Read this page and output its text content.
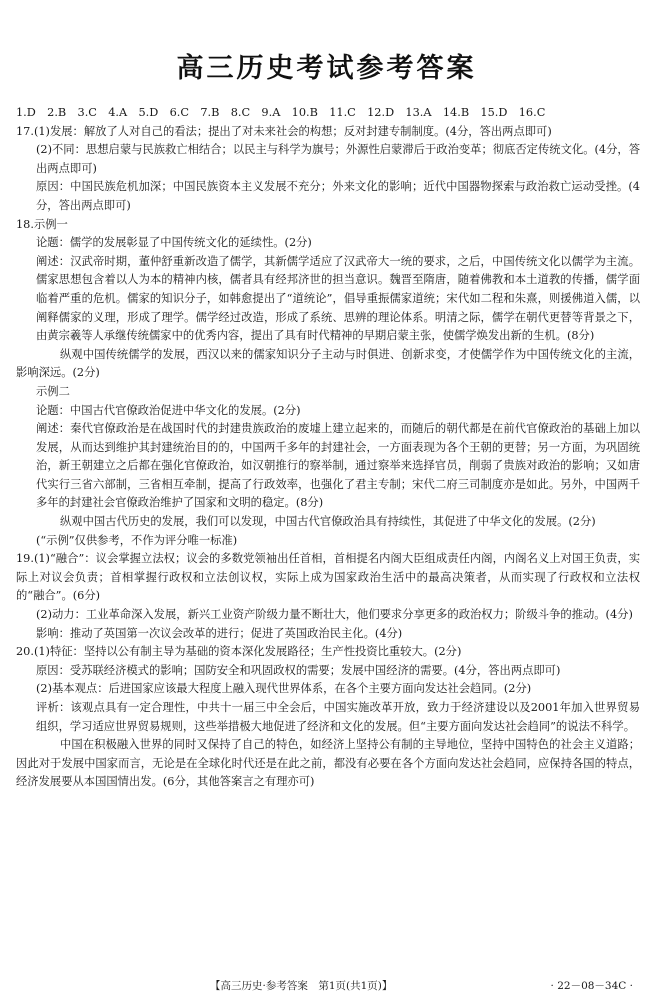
高三历史考试参考答案

1.D　2.B　3.C　4.A　5.D　6.C　7.B　8.C　9.A　10.B　11.C　12.D　13.A　14.B　15.D　16.C

17.(1)发展：解放了人对自己的看法；提出了对未来社会的构想；反对封建专制制度。(4分，答出两点即可)

(2)不同：思想启蒙与民族救亡相结合；以民主与科学为旗号；外源性启蒙滞后于政治变革；彻底否定传统文化。(4分，答出两点即可)

原因：中国民族危机加深；中国民族资本主义发展不充分；外来文化的影响；近代中国器物探索与政治救亡运动受挫。(4分，答出两点即可)

18.示例一

论题：儒学的发展彰显了中国传统文化的延续性。(2分)

阐述：汉武帝时期，董仲舒重新改造了儒学，其新儒学适应了汉武帝大一统的要求，之后，中国传统文化以儒学为主流。儒家思想包含着以人为本的精神内核，儒者具有经邦济世的担当意识。魏晋至隋唐，随着佛教和本土道教的传播，儒学面临着严重的危机。儒家的知识分子，如韩愈提出了“道统论”，倡导重振儒家道统；宋代如二程和朱熹，则援佛道入儒，以阐释儒家的义理，形成了理学。儒学经过改造，形成了系统、思辨的理论体系。明清之际，儒学在朝代更替等背景之下，由黄宗羲等人承继传统儒家中的优秀内容，提出了具有时代精神的早期启蒙主张，使儒学焕发出新的生机。(8分)

纵观中国传统儒学的发展，西汉以来的儒家知识分子主动与时俱进、创新求变，才使儒学作为中国传统文化的主流，影响深远。(2分)

示例二

论题：中国古代官僚政治促进中华文化的发展。(2分)

阐述：秦代官僚政治是在战国时代的封建贵族政治的废墟上建立起来的，而随后的朝代都是在前代官僚政治的基础上加以发展，从而达到维护其封建统治目的的，中国两千多年的封建社会，一方面表现为各个王朝的更替；另一方面，为巩固统治，新王朝建立之后都在强化官僚政治，如汉朝推行的察举制，通过察举来选择官员，削弱了贵族对政治的影响；又如唐代实行三省六部制，三省相互牵制，提高了行政效率，也强化了君主专制；宋代二府三司制度亦是如此。另外，中国两千多年的封建社会官僚政治维护了国家和文明的稳定。(8分)

纵观中国古代历史的发展，我们可以发现，中国古代官僚政治具有持续性，其促进了中华文化的发展。(2分)

(“示例”仅供参考，不作为评分唯一标准)

19.(1)“融合”：议会掌握立法权；议会的多数党领袖出任首相，首相提名内阁大臣组成责任内阁，内阁名义上对国王负责，实际上对议会负责；首相掌握行政权和立法创议权，实际上成为国家政治生活中的最高决策者，从而实现了行政权和立法权的“融合”。(6分)

(2)动力：工业革命深入发展，新兴工业资产阶级力量不断壮大，他们要求分享更多的政治权力；阶级斗争的推动。(4分)

影响：推动了英国第一次议会改革的进行；促进了英国政治民主化。(4分)

20.(1)特征：坚持以公有制主导为基础的资本深化发展路径；生产性投资比重较大。(2分)

原因：受苏联经济模式的影响；国防安全和巩固政权的需要；发展中国经济的需要。(4分，答出两点即可)

(2)基本观点：后进国家应该最大程度上融入现代世界体系，在各个主要方面向发达社会趋同。(2分)

评析：该观点具有一定合理性，中共十一届三中全会后，中国实施改革开放，致力于经济建设以及2001年加入世界贸易组织，学习适应世界贸易规则，这些举措极大地促进了经济和文化的发展。但“主要方面向发达社会趋同”的说法不科学。

中国在积极融入世界的同时又保持了自己的特色，如经济上坚持公有制的主导地位，坚持中国特色的社会主义道路；因此对于发展中国家而言，无论是在全球化时代还是在此之前，都没有必要在各个方面向发达社会趋同，应保持各国的特点，经济发展要从本国国情出发。(6分，其他答案言之有理亦可)

【高三历史·参考答案　第1页(共1页)】	· 22－08－34C ·
